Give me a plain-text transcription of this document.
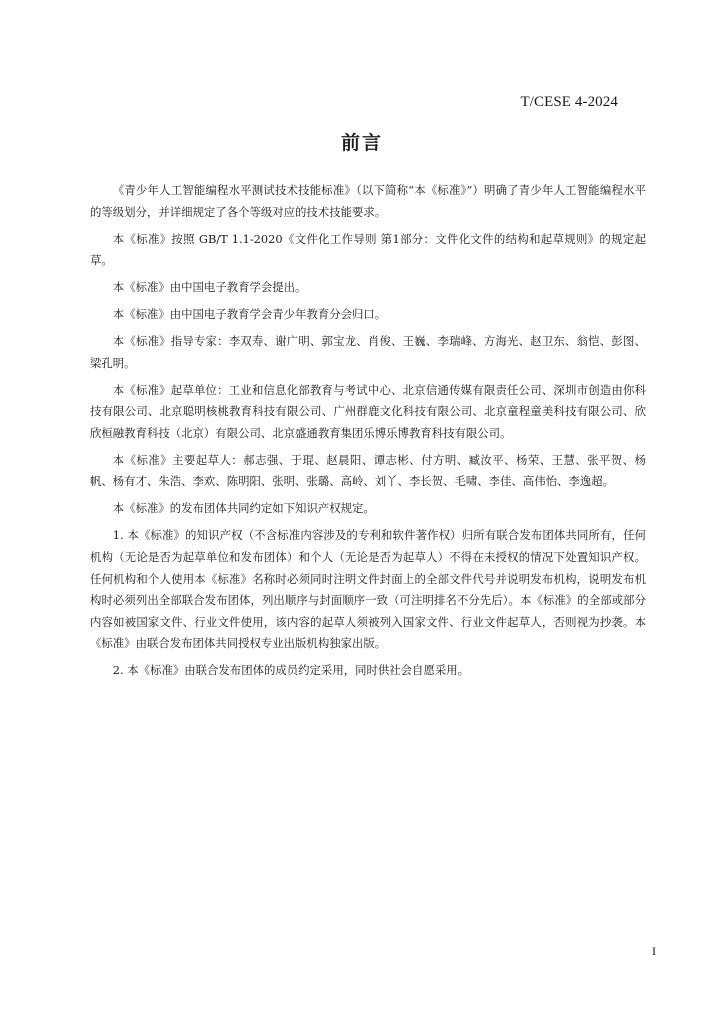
T/CESE 4-2024
前言

《青少年人工智能编程水平测试技术技能标准》（以下简称“本《标准》”）明确了青少年人工智能编程水平的等级划分，并详细规定了各个等级对应的技术技能要求。

本《标准》按照 GB/T 1.1-2020《文件化工作导则 第1部分：文件化文件的结构和起草规则》的规定起草。

本《标准》由中国电子教育学会提出。

本《标准》由中国电子教育学会青少年教育分会归口。

本《标准》指导专家：李双寿、谢广明、郭宝龙、肖俊、王巍、李瑞峰、方海光、赵卫东、翁恺、彭图、梁孔明。

本《标准》起草单位：工业和信息化部教育与考试中心、北京信通传媒有限责任公司、深圳市创造由你科技有限公司、北京聪明核桃教育科技有限公司、广州群鹿文化科技有限公司、北京童程童美科技有限公司、欣欣桓融教育科技（北京）有限公司、北京盛通教育集团乐博乐博教育科技有限公司。

本《标准》主要起草人：郝志强、于琨、赵晨阳、谭志彬、付方明、臧汝平、杨荣、王慧、张平贺、杨帆、杨有才、朱浩、李欢、陈明阳、张明、张璐、高岭、刘丫、李长贺、毛啸、李佳、高伟怡、李逸超。

本《标准》的发布团体共同约定如下知识产权规定。

1. 本《标准》的知识产权（不含标准内容涉及的专利和软件著作权）归所有联合发布团体共同所有，任何机构（无论是否为起草单位和发布团体）和个人（无论是否为起草人）不得在未授权的情况下处置知识产权。任何机构和个人使用本《标准》名称时必须同时注明文件封面上的全部文件代号并说明发布机构，说明发布机构时必须列出全部联合发布团体，列出顺序与封面顺序一致（可注明排名不分先后）。本《标准》的全部或部分内容如被国家文件、行业文件使用，该内容的起草人须被列入国家文件、行业文件起草人，否则视为抄袭。本《标准》由联合发布团体共同授权专业出版机构独家出版。

2. 本《标准》由联合发布团体的成员约定采用，同时供社会自愿采用。

I
